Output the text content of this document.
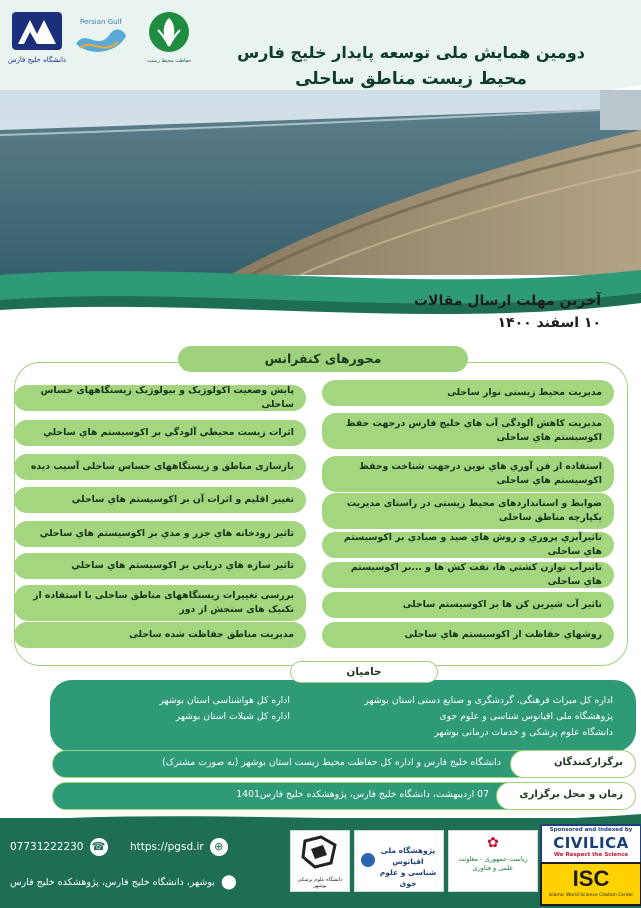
دانشگاه خلیج فارس
Persian Gulf
حفاظت محیط زیست	دومین همایش ملی توسعه پایدار خلیج فارس
محیط زیست مناطق ساحلی
آخرین مهلت ارسال مقالات
۱۰ اسفند ۱۴۰۰
محورهای کنفرانس
مدیریت محیط زیستی نوار ساحلی
مدیریت کاهش آلودگی آب هاي خلیج فارس درجهت حفظ اکوسیستم هاي ساحلی
استفاده از فن آوري هاي نوین درجهت شناخت وحفظ اکوسیستم هاي ساحلی
ضوابط و استانداردهای محیط زیستی در راستای مدیریت یکپارچه مناطق ساحلی
تاثیرآبزي پروري و روش هاي صید و صیادي بر اکوسیستم هاي ساحلی
تاثیرآب توازن کشتي ها، نفت کش ها و ...بر اکوسیستم هاي ساحلی
تاثیر آب شیرین کن ها بر اکوسیستم ساحلی
روشهاي حفاظت از اکوسیستم هاي ساحلی
پایش وضعیت اکولوژیک و بیولوژیک زیستگاههای حساس ساحلی
اثرات زیست محیطي آلودگي بر اکوسیستم هاي ساحلي
بازسازی مناطق و زیستگاههای حساس ساحلی آسیب دیده
تغییر اقلیم و اثرات آن بر اکوسیستم هاي ساحلي
تاثیر رودخانه هاي جزر و مدي بر اکوسیستم هاي ساحلي
تاثیر سازه هاي دریایي بر اکوسیستم هاي ساحلي
بررسی تغییرات زیستگاههای مناطق ساحلی با استفاده از تکنیک های سنجش از دور
مدیریت مناطق حفاظت شده ساحلی
حامیان
اداره کل میراث فرهنگی، گردشگری و صنایع دستی استان بوشهر
پژوهشگاه ملی اقیانوس شناسی و علوم جوی
دانشگاه علوم پزشکی و خدمات درمانی بوشهر
اداره کل هواشناسی استان بوشهر
اداره کل شیلات استان بوشهر
برگزارکنندگان
دانشگاه خلیج فارس و اداره کل حفاظت محیط زیست استان بوشهر (به صورت مشترک)
زمان و محل برگزاری
07 اردیبهشت، دانشگاه خلیج فارس، پژوهشکده خلیج فارس1401
07731222230 ☎ https://pgsd.ir ⊕
بوشهر، دانشگاه خلیج فارس، پژوهشکده خلیج فارس ⬤	دانشگاه علوم پزشکی بوشهر
پژوهشگاه ملی اقیانوس شناسی و علوم جوی
✿
ریاست جمهوری - معاونت علمی و فناوری
Sponsored and Indexed by
CIVILICA
We Respect the Science
ISC
Islamic World Science Citation Center
